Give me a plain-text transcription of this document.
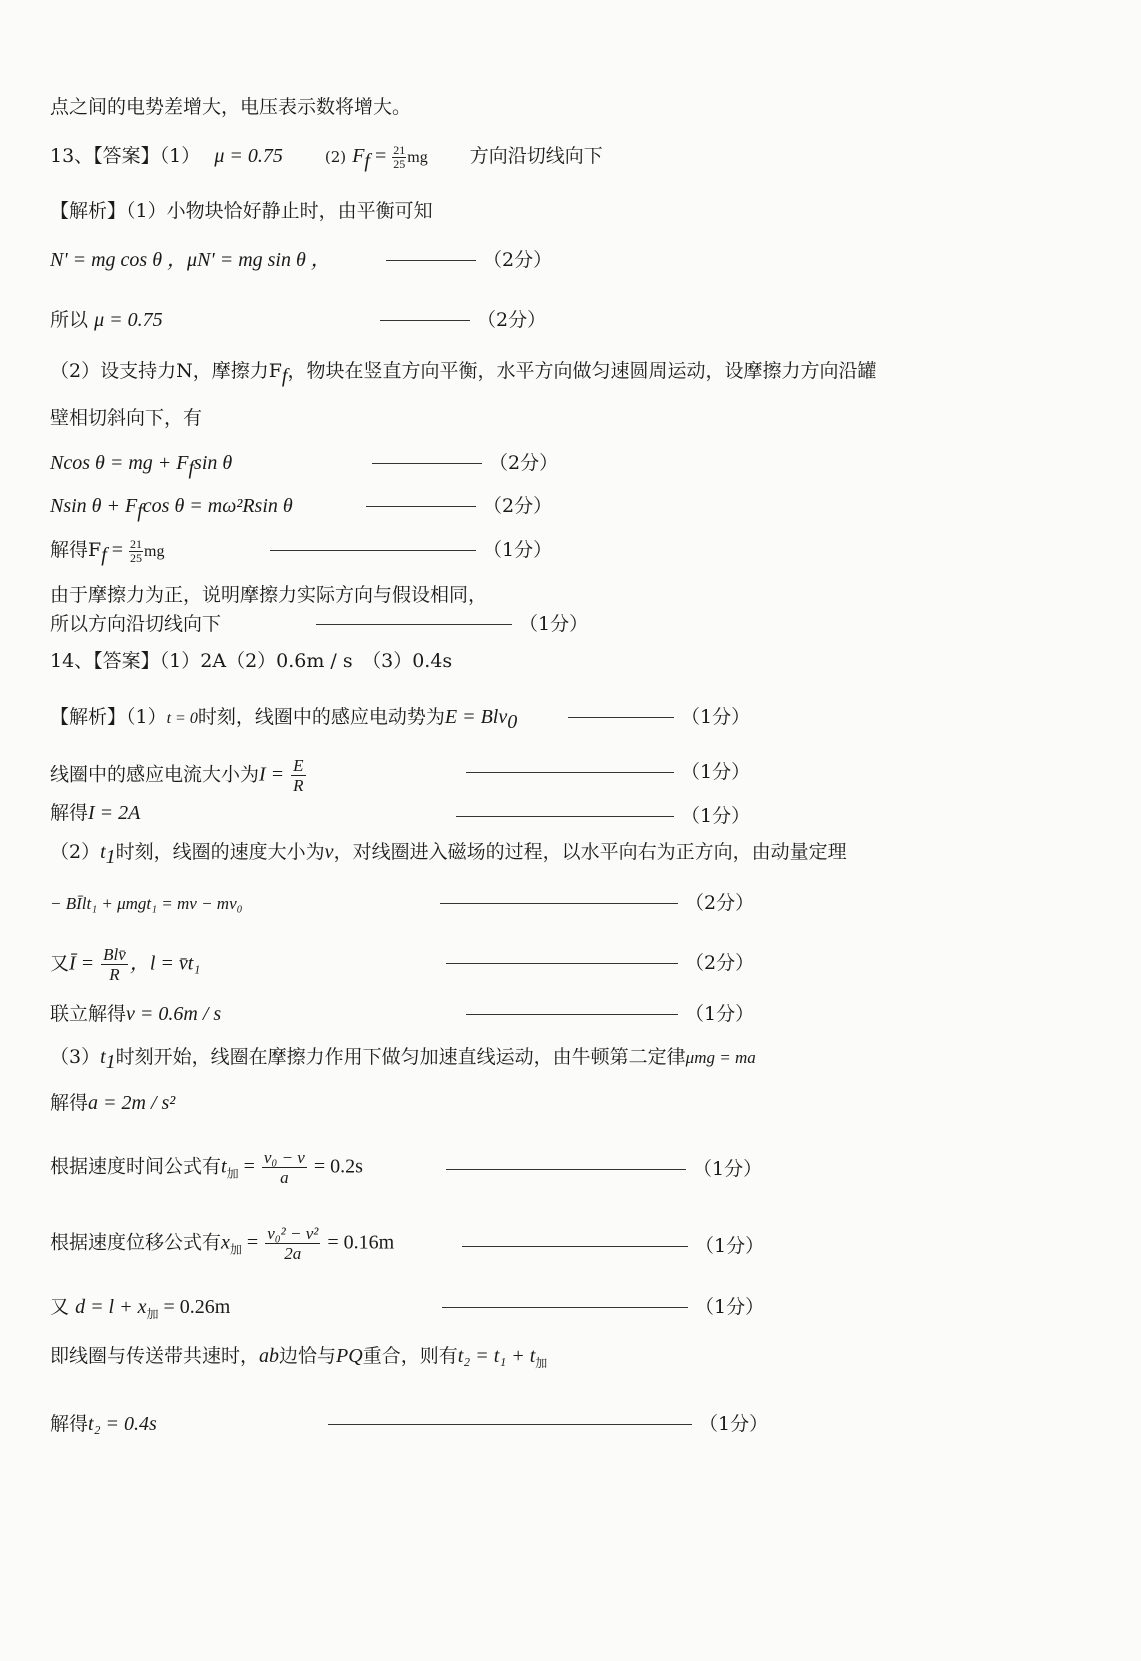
点之间的电势差增大，电压表示数将增大。
13、【答案】（1） μ = 0.75	(2) $F_f = \frac{21}{25}$ mg 方向沿切线向下
【解析】（1）小物块恰好静止时，由平衡可知
N' = mg cos θ ，μN' = mg sin θ ，	（2分）
所以 μ = 0.75	（2分）
（2）设支持力N，摩擦力$F_f$，物块在竖直方向平衡，水平方向做匀速圆周运动，设摩擦力方向沿罐
壁相切斜向下，有
Ncos θ = mg + $F_f\sin$ θ	（2分）
Nsin $\theta + F_f\cos$ θ = mω²Rsin θ	（2分）
解得$F_f = \frac{21}{25}$ mg	（1分）
由于摩擦力为正，说明摩擦力实际方向与假设相同，
所以方向沿切线向下	（1分）
14、【答案】（1）2A（2）0.6m / s　（3）0.4s
【解析】（1）t = 0时刻，线圈中的感应电动势为E = Blv$_0$	（1分）
线圈中的感应电流大小为$I = \frac{E}{R}$	（1分）
解得I = 2A	（1分）
$(2)t_1$时刻，线圈的速度大小为v，对线圈进入磁场的过程，以水平向右为正方向，由动量定理
− BĪlt₁ + μmgt₁ = mv − mv₀	（2分）
又Ī = $\frac{\text{Blv̄}}{R}$ ，l = v̄t₁	（2分）
联立解得v = 0.6m / s	（1分）
$(3)t_1$时刻开始，线圈在摩擦力作用下做匀加速直线运动，由牛顿第二定律μmg = ma
解得a = 2m / s²
根据速度时间公式有$t_加 = \frac{\text{v₀ − v}}{a} = 0.2s$	（1分）
根据速度位移公式有$x_加 = \frac{\text{v₀² − v²}}{2a} = 0.16m$	（1分）
又 $d = l + x_加 = 0.26m$	（1分）
即线圈与传送带共速时，ab边恰与PQ重合，则有$t_2 = t_1 + t_加$
解得t₂ = 0.4s	（1分）
